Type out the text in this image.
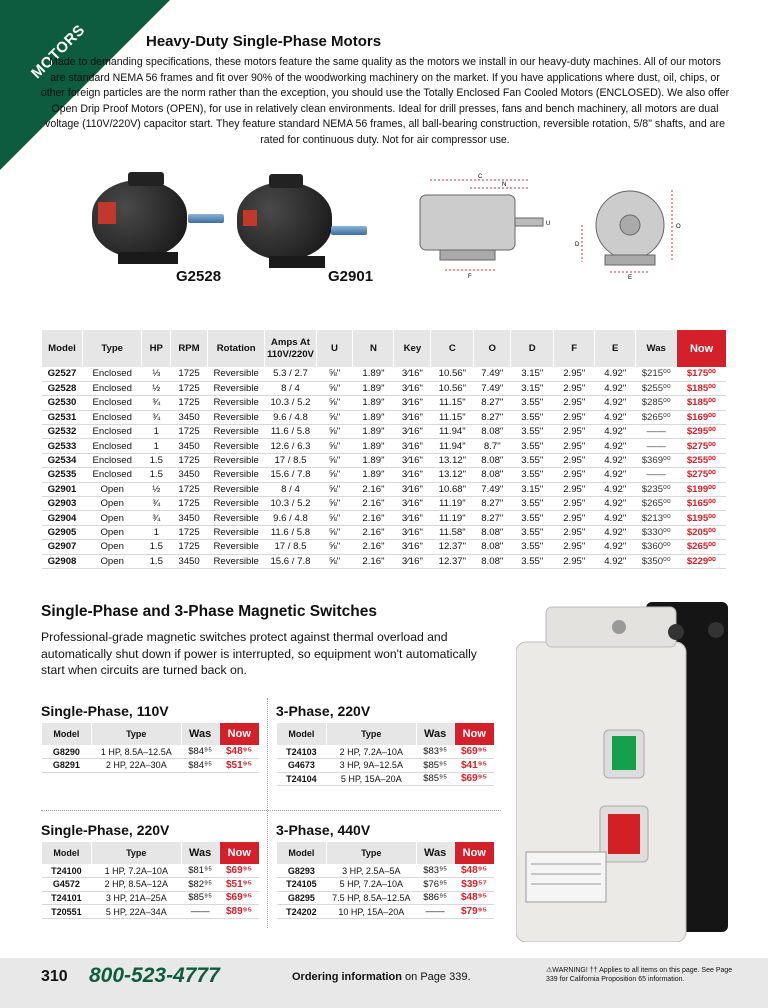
MOTORS	Heavy-Duty Single-Phase Motors
Made to demanding specifications, these motors feature the same quality as the motors we install in our heavy-duty machines. All of our motors are standard NEMA 56 frames and fit over 90% of the woodworking machinery on the market. If you have applications where dust, oil, chips, or other foreign particles are the norm rather than the exception, you should use the Totally Enclosed Fan Cooled Motors (ENCLOSED). We also offer Open Drip Proof Motors (OPEN), for use in relatively clean environments. Ideal for drill presses, fans and bench machinery, all motors are dual voltage (110V/220V) capacitor start. They feature standard NEMA 56 frames, all ball-bearing construction, reversible rotation, 5/8" shafts, and are rated for continuous duty. Not for air compressor use.
G2528	G2901
C
N
U
F
O
D
E
Model	Type	HP	RPM	Rotation	Amps At 110V/220V	U	N	Key	C	O	D	F	E	Was	Now
G2527	Enclosed	⅓	1725	Reversible	5.3 / 2.7	⅝"	1.89"	3⁄16"	10.56"	7.49"	3.15"	2.95"	4.92"	$215⁰⁰	$175⁰⁰
G2528	Enclosed	½	1725	Reversible	8 / 4	⅝"	1.89"	3⁄16"	10.56"	7.49"	3.15"	2.95"	4.92"	$255⁰⁰	$185⁰⁰
G2530	Enclosed	¾	1725	Reversible	10.3 / 5.2	⅝"	1.89"	3⁄16"	11.15"	8.27"	3.55"	2.95"	4.92"	$285⁰⁰	$185⁰⁰
G2531	Enclosed	¾	3450	Reversible	9.6 / 4.8	⅝"	1.89"	3⁄16"	11.15"	8.27"	3.55"	2.95"	4.92"	$265⁰⁰	$169⁰⁰
G2532	Enclosed	1	1725	Reversible	11.6 / 5.8	⅝"	1.89"	3⁄16"	11.94"	8.08"	3.55"	2.95"	4.92"	——	$295⁰⁰
G2533	Enclosed	1	3450	Reversible	12.6 / 6.3	⅝"	1.89"	3⁄16"	11.94"	8.7"	3.55"	2.95"	4.92"	——	$275⁰⁰
G2534	Enclosed	1.5	1725	Reversible	17 / 8.5	⅝"	1.89"	3⁄16"	13.12"	8.08"	3.55"	2.95"	4.92"	$369⁰⁰	$255⁰⁰
G2535	Enclosed	1.5	3450	Reversible	15.6 / 7.8	⅝"	1.89"	3⁄16"	13.12"	8.08"	3.55"	2.95"	4.92"	——	$275⁰⁰
G2901	Open	½	1725	Reversible	8 / 4	⅝"	2.16"	3⁄16"	10.68"	7.49"	3.15"	2.95"	4.92"	$235⁰⁰	$199⁰⁰
G2903	Open	¾	1725	Reversible	10.3 / 5.2	⅝"	2.16"	3⁄16"	11.19"	8.27"	3.55"	2.95"	4.92"	$265⁰⁰	$165⁰⁰
G2904	Open	¾	3450	Reversible	9.6 / 4.8	⅝"	2.16"	3⁄16"	11.19"	8.27"	3.55"	2.95"	4.92"	$213⁰⁰	$195⁰⁰
G2905	Open	1	1725	Reversible	11.6 / 5.8	⅝"	2.16"	3⁄16"	11.58"	8.08"	3.55"	2.95"	4.92"	$330⁰⁰	$205⁰⁰
G2907	Open	1.5	1725	Reversible	17 / 8.5	⅝"	2.16"	3⁄16"	12.37"	8.08"	3.55"	2.95"	4.92"	$360⁰⁰	$265⁰⁰
G2908	Open	1.5	3450	Reversible	15.6 / 7.8	⅝"	2.16"	3⁄16"	12.37"	8.08"	3.55"	2.95"	4.92"	$350⁰⁰	$229⁰⁰
Single-Phase and 3-Phase Magnetic Switches
Professional-grade magnetic switches protect against thermal overload and automatically shut down if power is interrupted, so equipment won't automatically start when circuits are turned back on.
Single-Phase, 110V
Model	Type	Was	Now
G8290	1 HP, 8.5A–12.5A	$84⁹⁵	$48⁹⁵
G8291	2 HP, 22A–30A	$84⁹⁵	$51⁹⁵
3-Phase, 220V
Model	Type	Was	Now
T24103	2 HP, 7.2A–10A	$83⁹⁵	$69⁹⁵
G4673	3 HP, 9A–12.5A	$85⁹⁵	$41⁹⁵
T24104	5 HP, 15A–20A	$85⁹⁵	$69⁹⁵
Single-Phase, 220V
Model	Type	Was	Now
T24100	1 HP, 7.2A–10A	$81⁹⁵	$69⁹⁵
G4572	2 HP, 8.5A–12A	$82⁹⁵	$51⁹⁵
T24101	3 HP, 21A–25A	$85⁹⁵	$69⁹⁵
T20551	5 HP, 22A–34A	——	$89⁹⁵
3-Phase, 440V
Model	Type	Was	Now
G8293	3 HP, 2.5A–5A	$83⁹⁵	$48⁹⁵
T24105	5 HP, 7.2A–10A	$76⁹⁵	$39⁵⁷
G8295	7.5 HP, 8.5A–12.5A	$86⁹⁵	$48⁹⁵
T24202	10 HP, 15A–20A	——	$79⁹⁵
310 800-523-4777	Ordering information on Page 339.
⚠WARNING! †† Applies to all items on this page. See Page 339 for California Proposition 65 information.
